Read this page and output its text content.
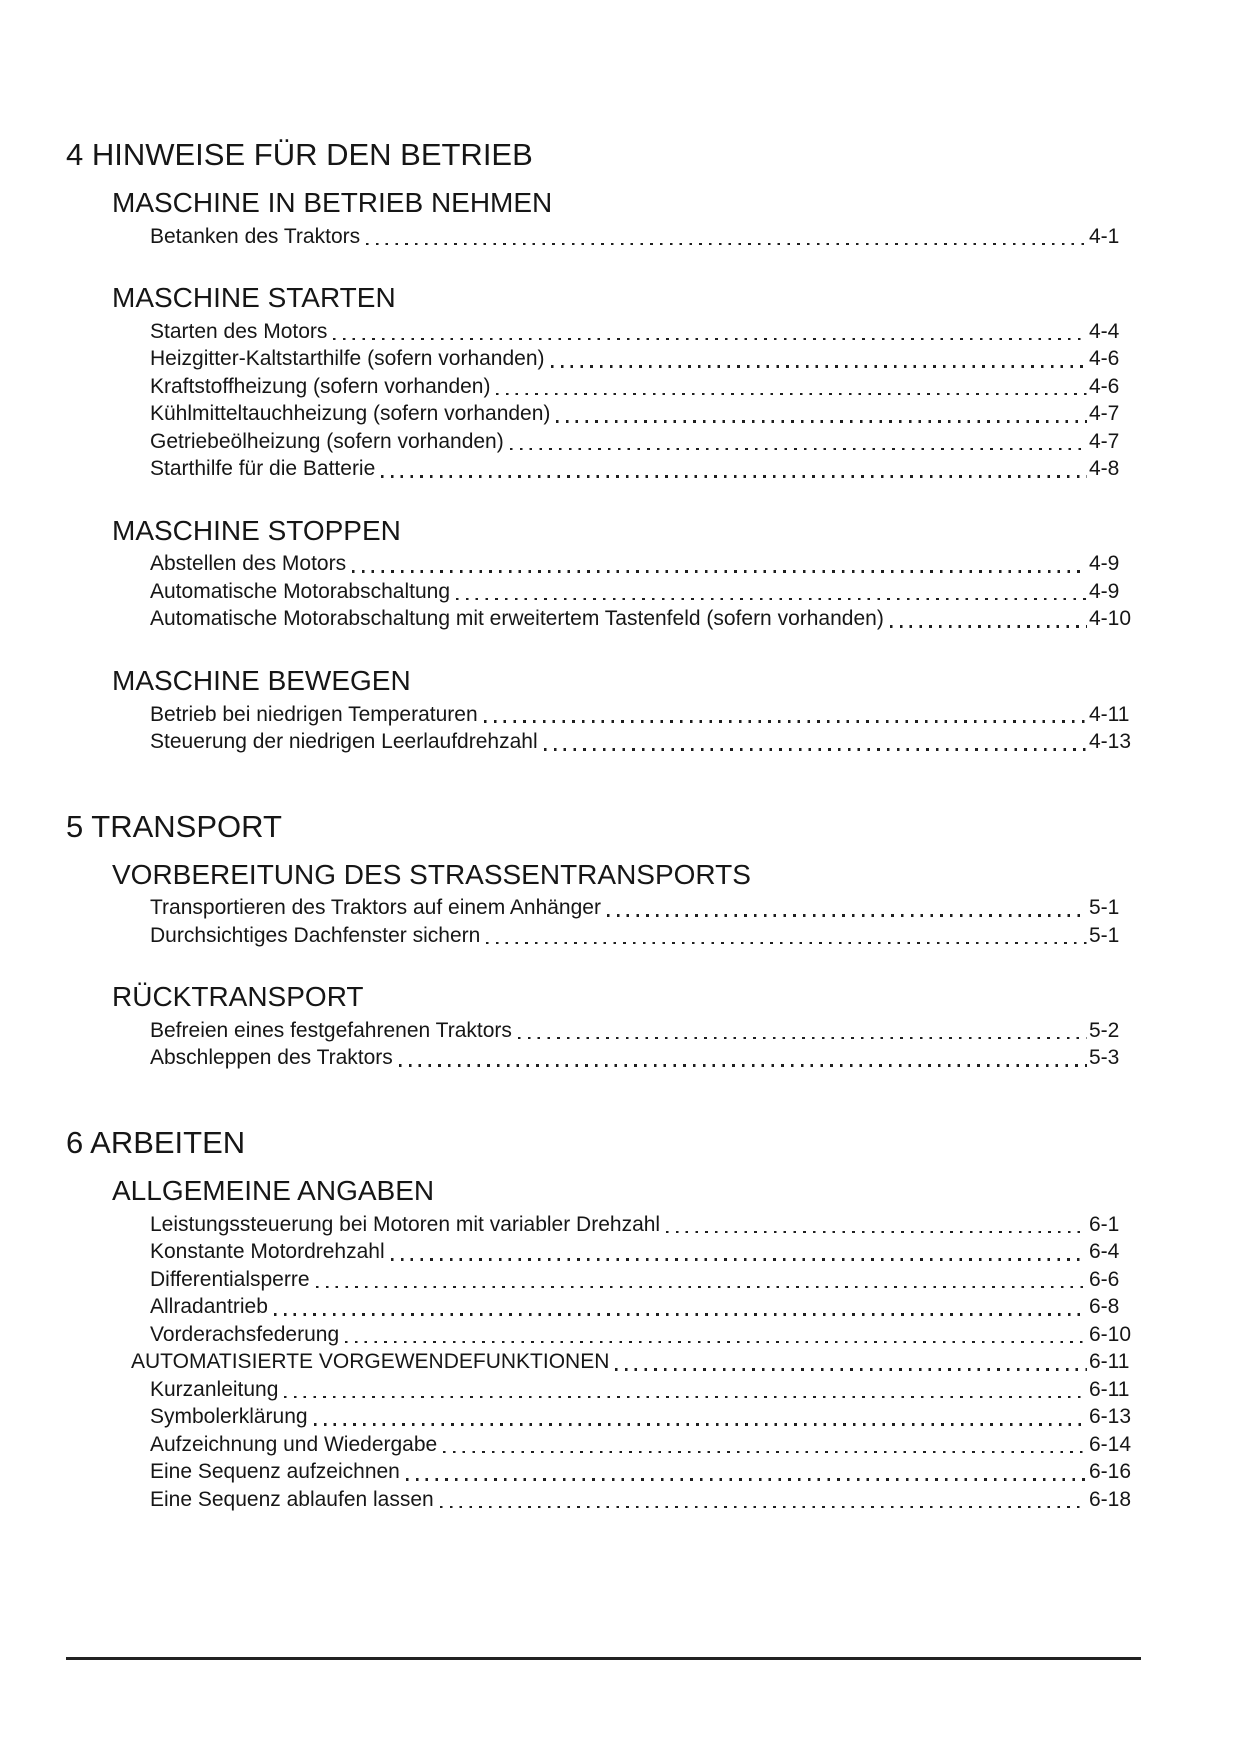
4 HINWEISE FÜR DEN BETRIEB
MASCHINE IN BETRIEB NEHMEN
Betanken des Traktors	4-1
MASCHINE STARTEN
Starten des Motors	4-4
Heizgitter-Kaltstarthilfe (sofern vorhanden)	4-6
Kraftstoffheizung (sofern vorhanden)	4-6
Kühlmitteltauchheizung (sofern vorhanden)	4-7
Getriebeölheizung (sofern vorhanden)	4-7
Starthilfe für die Batterie	4-8
MASCHINE STOPPEN
Abstellen des Motors	4-9
Automatische Motorabschaltung	4-9
Automatische Motorabschaltung mit erweitertem Tastenfeld (sofern vorhanden)	4-10
MASCHINE BEWEGEN
Betrieb bei niedrigen Temperaturen	4-11
Steuerung der niedrigen Leerlaufdrehzahl	4-13
5 TRANSPORT
VORBEREITUNG DES STRASSENTRANSPORTS
Transportieren des Traktors auf einem Anhänger	5-1
Durchsichtiges Dachfenster sichern	5-1
RÜCKTRANSPORT
Befreien eines festgefahrenen Traktors	5-2
Abschleppen des Traktors	5-3
6 ARBEITEN
ALLGEMEINE ANGABEN
Leistungssteuerung bei Motoren mit variabler Drehzahl	6-1
Konstante Motordrehzahl	6-4
Differentialsperre	6-6
Allradantrieb	6-8
Vorderachsfederung	6-10
AUTOMATISIERTE VORGEWENDEFUNKTIONEN	6-11
Kurzanleitung	6-11
Symbolerklärung	6-13
Aufzeichnung und Wiedergabe	6-14
Eine Sequenz aufzeichnen	6-16
Eine Sequenz ablaufen lassen	6-18
